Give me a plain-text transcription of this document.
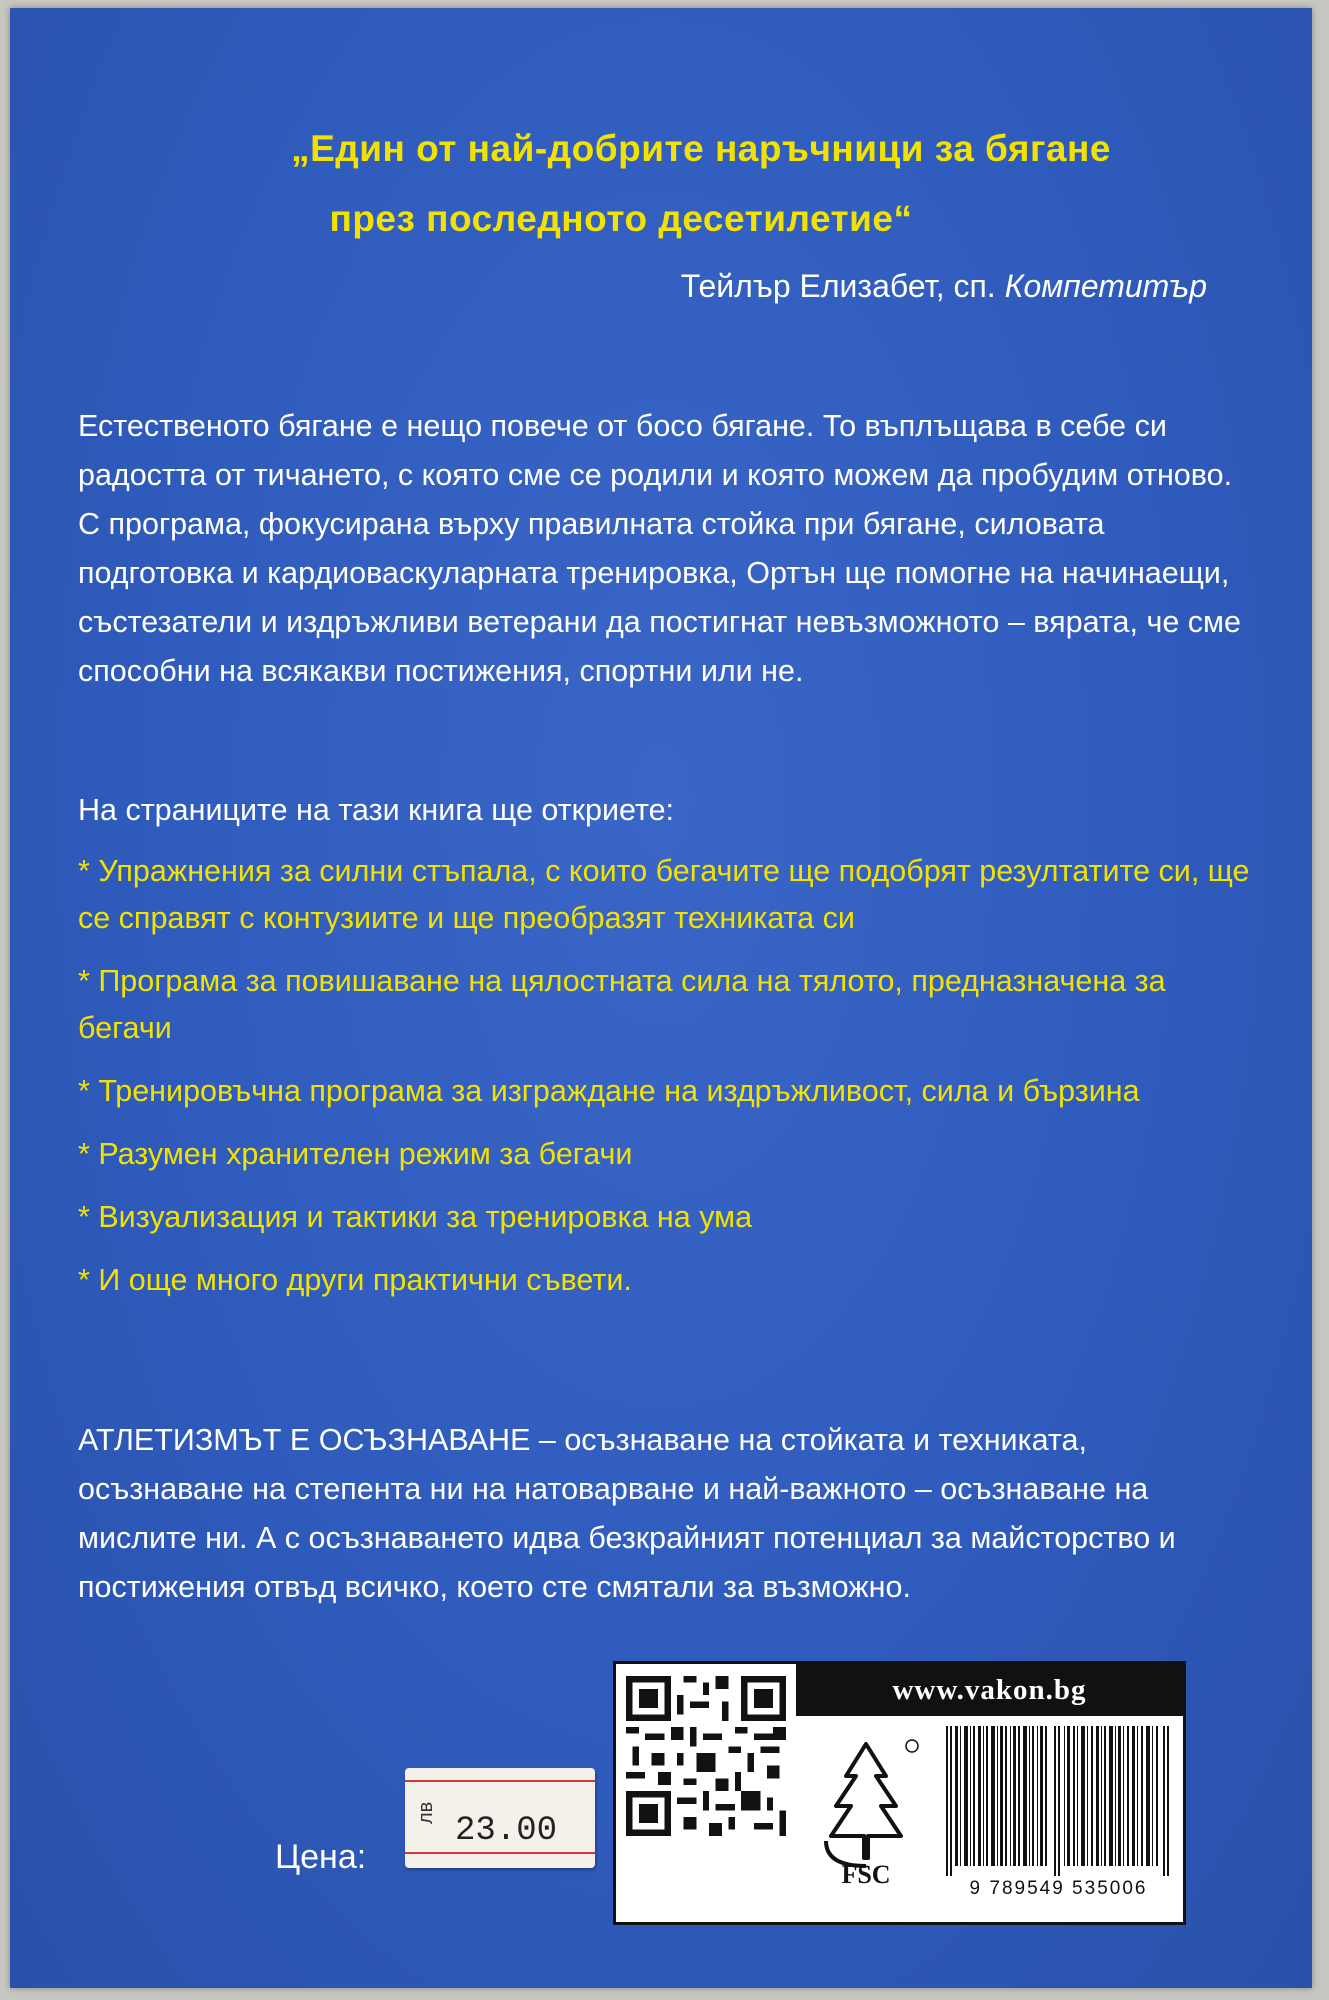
„Един от най-добрите наръчници за бягане
през последното десетилетие“
Тейлър Елизабет, сп. Компетитър

Естественото бягане е нещо повече от босо бягане. То въплъщава в себе си радостта от тичането, с която сме се родили и която можем да пробудим отново. С програма, фокусирана върху правилната стойка при бягане, силовата подготовка и кардиоваскуларната тренировка, Ортън ще помогне на начинаещи, състезатели и издръжливи ветерани да постигнат невъзможното – вярата, че сме способни на всякакви постижения, спортни или не.

На страниците на тази книга ще откриете:

* Упражнения за силни стъпала, с които бегачите ще подобрят резултатите си, ще се справят с контузиите и ще преобразят техниката си
* Програма за повишаване на цялостната сила на тялото, предназначена за бегачи
* Тренировъчна програма за изграждане на издръжливост, сила и бързина
* Разумен хранителен режим за бегачи
* Визуализация и тактики за тренировка на ума
* И още много други практични съвети.

АТЛЕТИЗМЪТ Е ОСЪЗНАВАНЕ – осъзнаване на стойката и техниката, осъзнаване на степента ни на натоварване и най-важното – осъзнаване на мислите ни. А с осъзнаването идва безкрайният потенциал за майсторство и постижения отвъд всичко, което сте смятали за възможно.

www.vakon.bg
FSC	9 789549 535006
Цена:
лв 23.00
